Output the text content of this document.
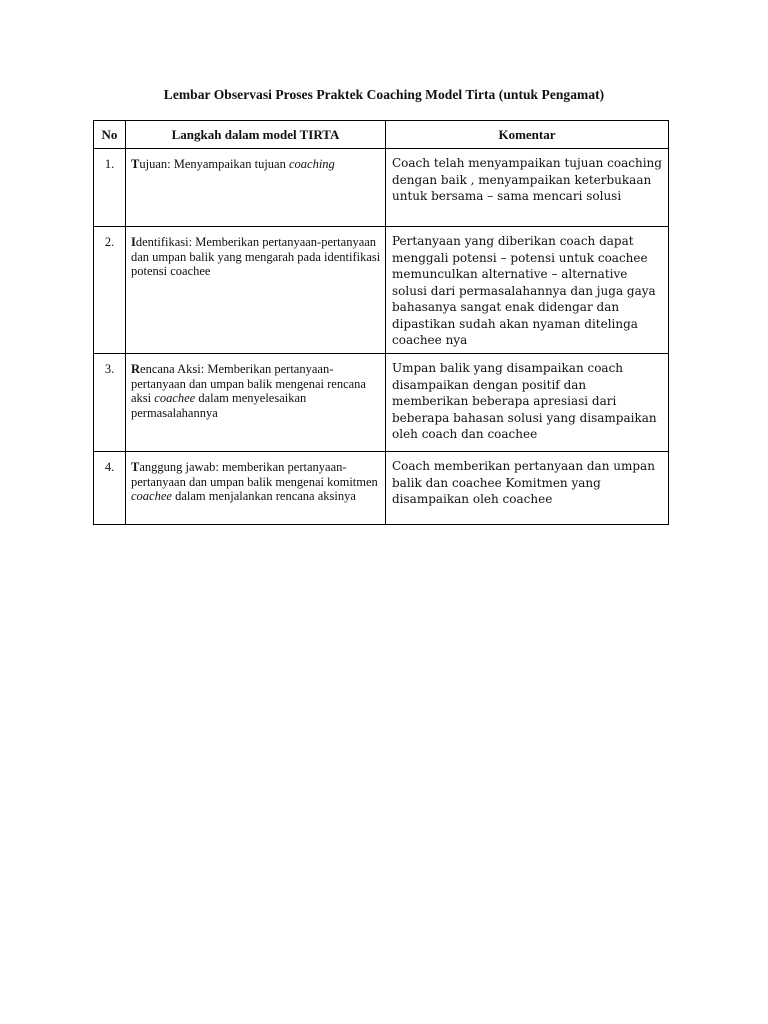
Lembar Observasi Proses Praktek Coaching Model Tirta (untuk Pengamat)
No	Langkah dalam model TIRTA	Komentar
1.	Tujuan: Menyampaikan tujuan coaching	Coach telah menyampaikan tujuan coaching dengan baik , menyampaikan keterbukaan untuk bersama – sama mencari solusi
2.	Identifikasi: Memberikan pertanyaan-pertanyaan dan umpan balik yang mengarah pada identifikasi potensi coachee	Pertanyaan yang diberikan coach dapat menggali potensi – potensi untuk coachee memunculkan alternative – alternative solusi dari permasalahannya dan juga gaya bahasanya sangat enak didengar dan dipastikan sudah akan nyaman ditelinga coachee nya
3.	Rencana Aksi: Memberikan pertanyaan-pertanyaan dan umpan balik mengenai rencana aksi coachee dalam menyelesaikan permasalahannya	Umpan balik yang disampaikan coach disampaikan dengan positif dan memberikan beberapa apresiasi dari beberapa bahasan solusi yang disampaikan oleh coach dan coachee
4.	Tanggung jawab: memberikan pertanyaan-pertanyaan dan umpan balik mengenai komitmen coachee dalam menjalankan rencana aksinya	Coach memberikan pertanyaan dan umpan balik dan coachee Komitmen yang disampaikan oleh coachee
